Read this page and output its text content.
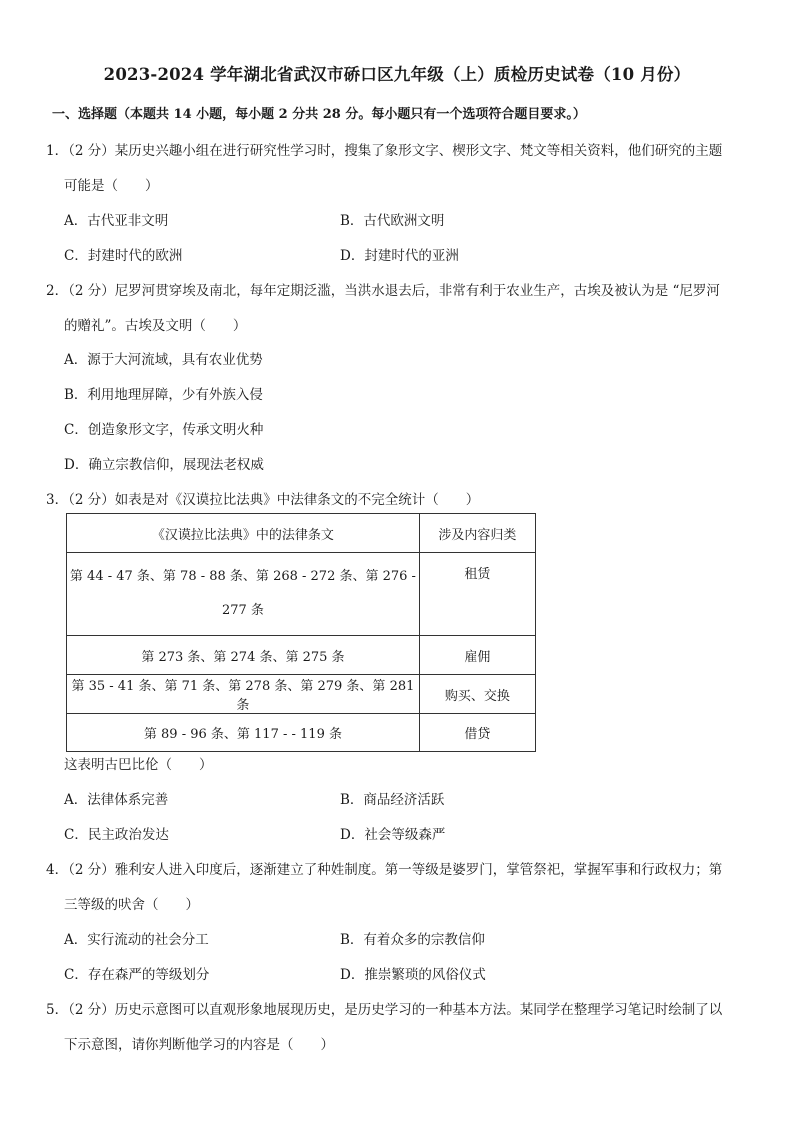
2023-2024 学年湖北省武汉市硚口区九年级（上）质检历史试卷（10 月份）
一、选择题（本题共 14 小题，每小题 2 分共 28 分。每小题只有一个选项符合题目要求。）
1．（2 分）某历史兴趣小组在进行研究性学习时，搜集了象形文字、楔形文字、梵文等相关资料，他们研究的主题
可能是（　　）
A．古代亚非文明	B．古代欧洲文明
C．封建时代的欧洲	D．封建时代的亚洲
2．（2 分）尼罗河贯穿埃及南北，每年定期泛滥，当洪水退去后，非常有利于农业生产，古埃及被认为是 “尼罗河
的赠礼”。古埃及文明（　　）
A．源于大河流域，具有农业优势
B．利用地理屏障，少有外族入侵
C．创造象形文字，传承文明火种
D．确立宗教信仰，展现法老权威
3．（2 分）如表是对《汉谟拉比法典》中法律条文的不完全统计（　　）
《汉谟拉比法典》中的法律条文	涉及内容归类
第 44 - 47 条、第 78 - 88 条、第 268 - 272 条、第 276 -
277 条	租赁
第 273 条、第 274 条、第 275 条	雇佣
第 35 - 41 条、第 71 条、第 278 条、第 279 条、第 281 条	购买、交换
第 89 - 96 条、第 117 - - 119 条	借贷
这表明古巴比伦（　　）
A．法律体系完善	B．商品经济活跃
C．民主政治发达	D．社会等级森严
4．（2 分）雅利安人进入印度后，逐渐建立了种姓制度。第一等级是婆罗门，掌管祭祀，掌握军事和行政权力；第
三等级的吠舍（　　）
A．实行流动的社会分工	B．有着众多的宗教信仰
C．存在森严的等级划分	D．推崇繁琐的风俗仪式
5．（2 分）历史示意图可以直观形象地展现历史，是历史学习的一种基本方法。某同学在整理学习笔记时绘制了以
下示意图，请你判断他学习的内容是（　　）
